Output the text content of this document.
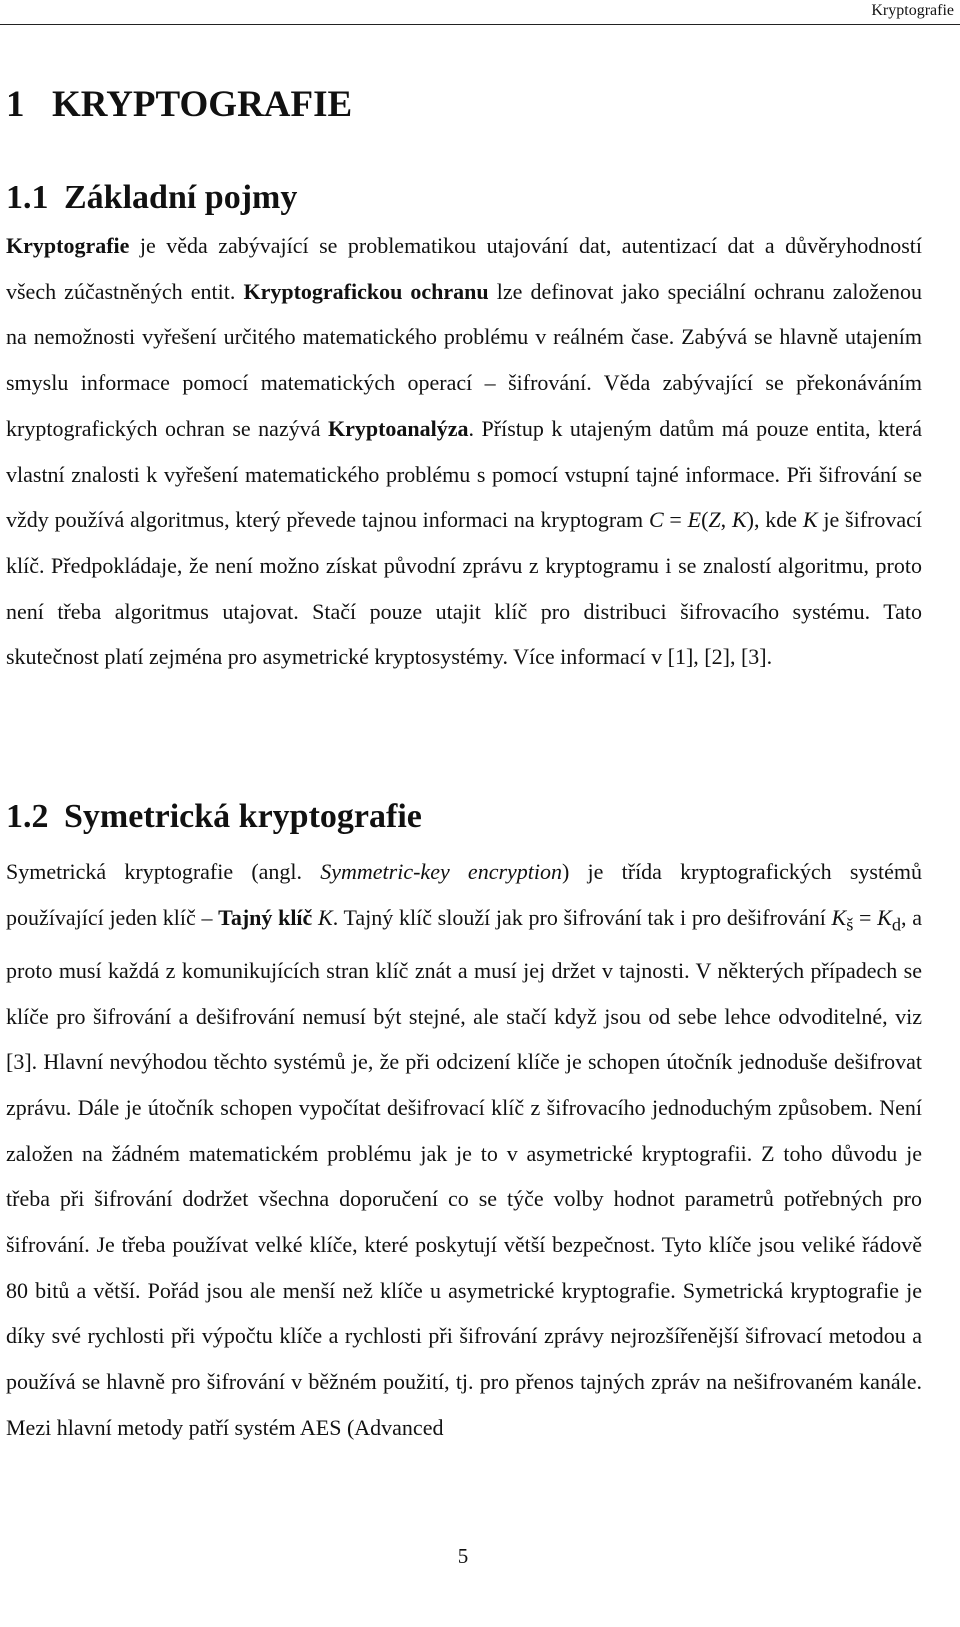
Kryptografie
1 KRYPTOGRAFIE
1.1 Základní pojmy

Kryptografie je věda zabývající se problematikou utajování dat, autentizací dat a důvěryhodností všech zúčastněných entit. Kryptografickou ochranu lze definovat jako speciální ochranu založenou na nemožnosti vyřešení určitého matematického problému v reálném čase. Zabývá se hlavně utajením smyslu informace pomocí matematických operací – šifrování. Věda zabývající se překonáváním kryptografických ochran se nazývá Kryptoanalýza. Přístup k utajeným datům má pouze entita, která vlastní znalosti k vyřešení matematického problému s pomocí vstupní tajné informace. Při šifrování se vždy používá algoritmus, který převede tajnou informaci na kryptogram C = E(Z, K), kde K je šifrovací klíč. Předpokládaje, že není možno získat původní zprávu z kryptogramu i se znalostí algoritmu, proto není třeba algoritmus utajovat. Stačí pouze utajit klíč pro distribuci šifrovacího systému. Tato skutečnost platí zejména pro asymetrické kryptosystémy. Více informací v [1], [2], [3].

1.2 Symetrická kryptografie

Symetrická kryptografie (angl. Symmetric-key encryption) je třída kryptografických systémů používající jeden klíč – Tajný klíč K. Tajný klíč slouží jak pro šifrování tak i pro dešifrování $K_š = K_d$, a proto musí každá z komunikujících stran klíč znát a musí jej držet v tajnosti. V některých případech se klíče pro šifrování a dešifrování nemusí být stejné, ale stačí když jsou od sebe lehce odvoditelné, viz [3]. Hlavní nevýhodou těchto systémů je, že při odcizení klíče je schopen útočník jednoduše dešifrovat zprávu. Dále je útočník schopen vypočítat dešifrovací klíč z šifrovacího jednoduchým způsobem. Není založen na žádném matematickém problému jak je to v asymetrické kryptografii. Z toho důvodu je třeba při šifrování dodržet všechna doporučení co se týče volby hodnot parametrů potřebných pro šifrování. Je třeba používat velké klíče, které poskytují větší bezpečnost. Tyto klíče jsou veliké řádově 80 bitů a větší. Pořád jsou ale menší než klíče u asymetrické kryptografie. Symetrická kryptografie je díky své rychlosti při výpočtu klíče a rychlosti při šifrování zprávy nejrozšířenější šifrovací metodou a používá se hlavně pro šifrování v běžném použití, tj. pro přenos tajných zpráv na nešifrovaném kanále. Mezi hlavní metody patří systém AES (Advanced

5
